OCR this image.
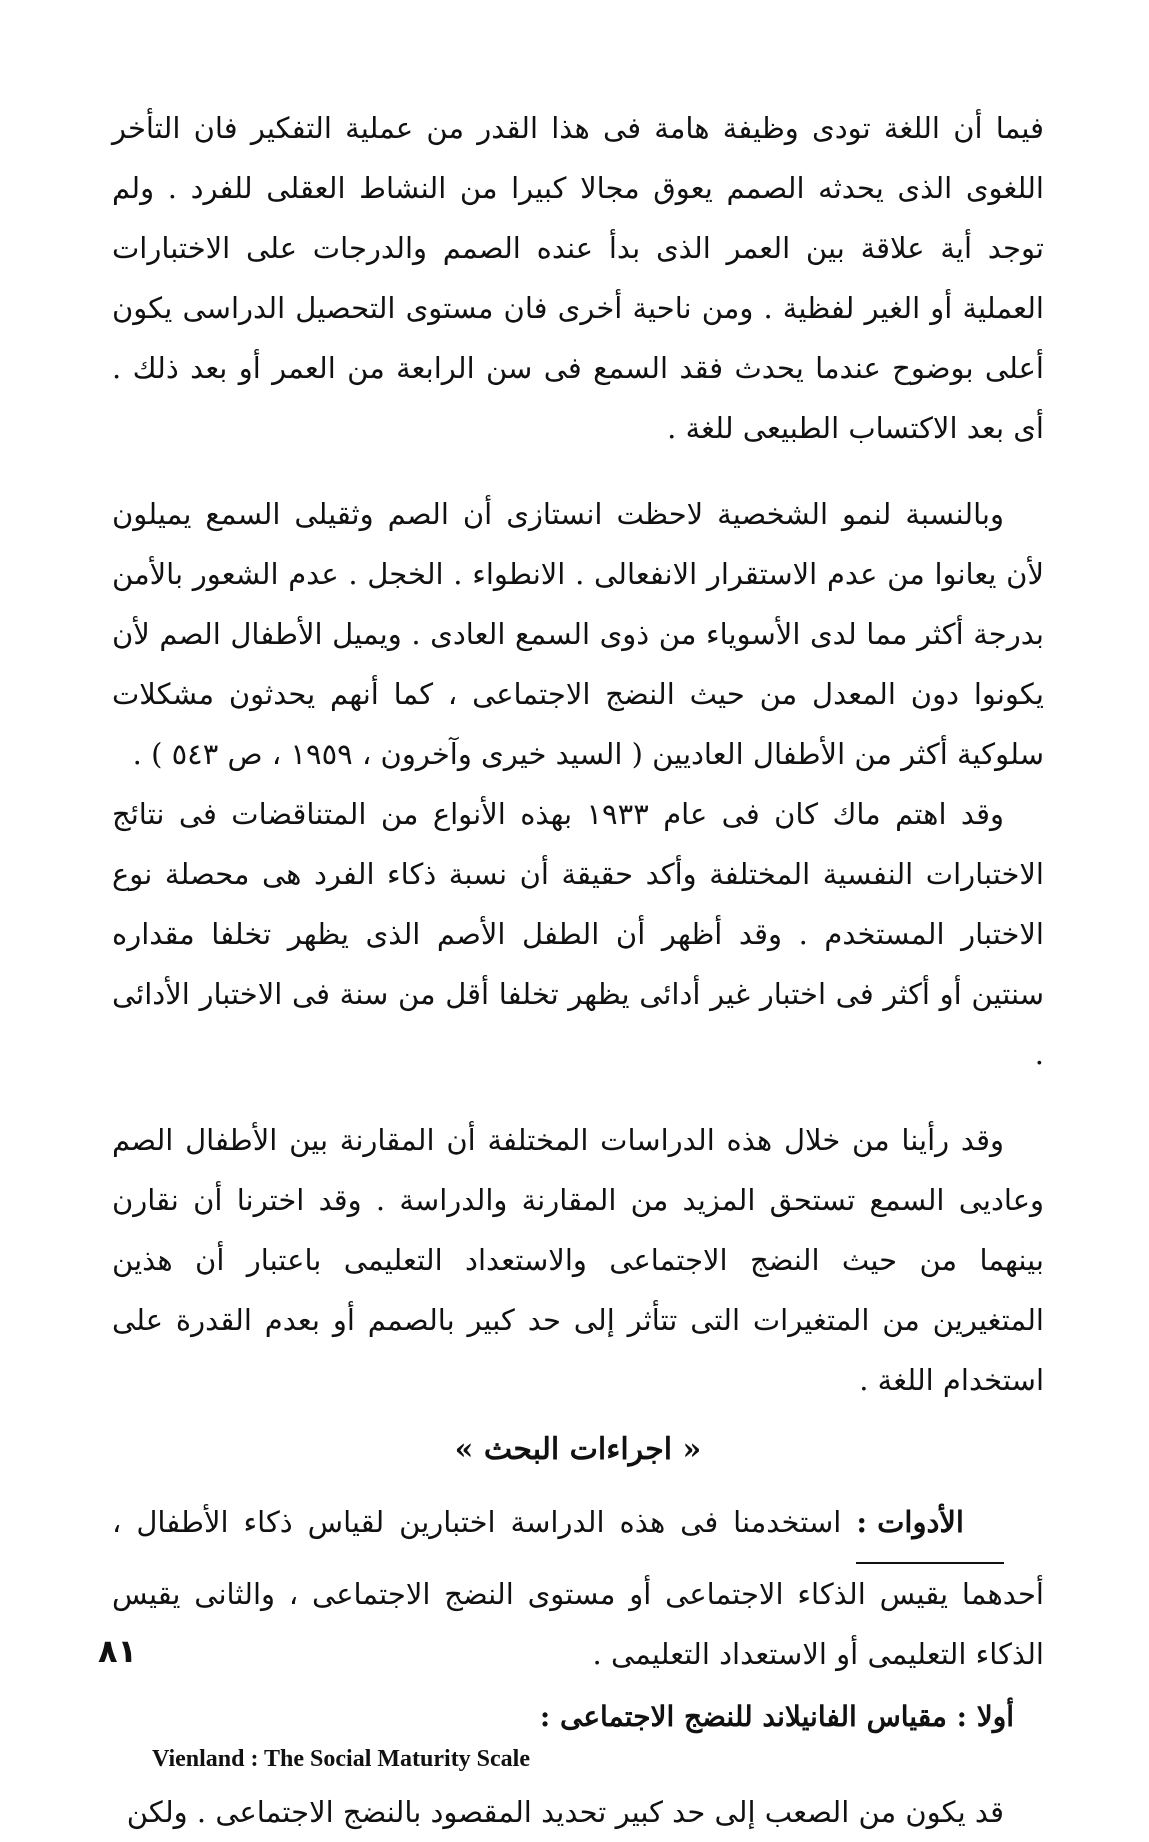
فيما أن اللغة تودى وظيفة هامة فى هذا القدر من عملية التفكير فان التأخر اللغوى الذى يحدثه الصمم يعوق مجالا كبيرا من النشاط العقلى للفرد . ولم توجد أية علاقة بين العمر الذى بدأ عنده الصمم والدرجات على الاختبارات العملية أو الغير لفظية . ومن ناحية أخرى فان مستوى التحصيل الدراسى يكون أعلى بوضوح عندما يحدث فقد السمع فى سن الرابعة من العمر أو بعد ذلك . أى بعد الاكتساب الطبيعى للغة .

وبالنسبة لنمو الشخصية لاحظت انستازى أن الصم وثقيلى السمع يميلون لأن يعانوا من عدم الاستقرار الانفعالى . الانطواء . الخجل . عدم الشعور بالأمن بدرجة أكثر مما لدى الأسوياء من ذوى السمع العادى . ويميل الأطفال الصم لأن يكونوا دون المعدل من حيث النضج الاجتماعى ، كما أنهم يحدثون مشكلات سلوكية أكثر من الأطفال العاديين ( السيد خيرى وآخرون ، ١٩٥٩ ، ص ٥٤٣ ) .

وقد اهتم ماك كان فى عام ١٩٣٣ بهذه الأنواع من المتناقضات فى نتائج الاختبارات النفسية المختلفة وأكد حقيقة أن نسبة ذكاء الفرد هى محصلة نوع الاختبار المستخدم . وقد أظهر أن الطفل الأصم الذى يظهر تخلفا مقداره سنتين أو أكثر فى اختبار غير أدائى يظهر تخلفا أقل من سنة فى الاختبار الأدائى .

وقد رأينا من خلال هذه الدراسات المختلفة أن المقارنة بين الأطفال الصم وعاديى السمع تستحق المزيد من المقارنة والدراسة . وقد اخترنا أن نقارن بينهما من حيث النضج الاجتماعى والاستعداد التعليمى باعتبار أن هذين المتغيرين من المتغيرات التى تتأثر إلى حد كبير بالصمم أو بعدم القدرة على استخدام اللغة .

« اجراءات البحث »

الأدوات : استخدمنا فى هذه الدراسة اختبارين لقياس ذكاء الأطفال ، أحدهما يقيس الذكاء الاجتماعى أو مستوى النضج الاجتماعى ، والثانى يقيس الذكاء التعليمى أو الاستعداد التعليمى .

أولا : مقياس الفانيلاند للنضج الاجتماعى :
Vienland : The Social Maturity Scale

قد يكون من الصعب إلى حد كبير تحديد المقصود بالنضج الاجتماعى . ولكن

٨١
